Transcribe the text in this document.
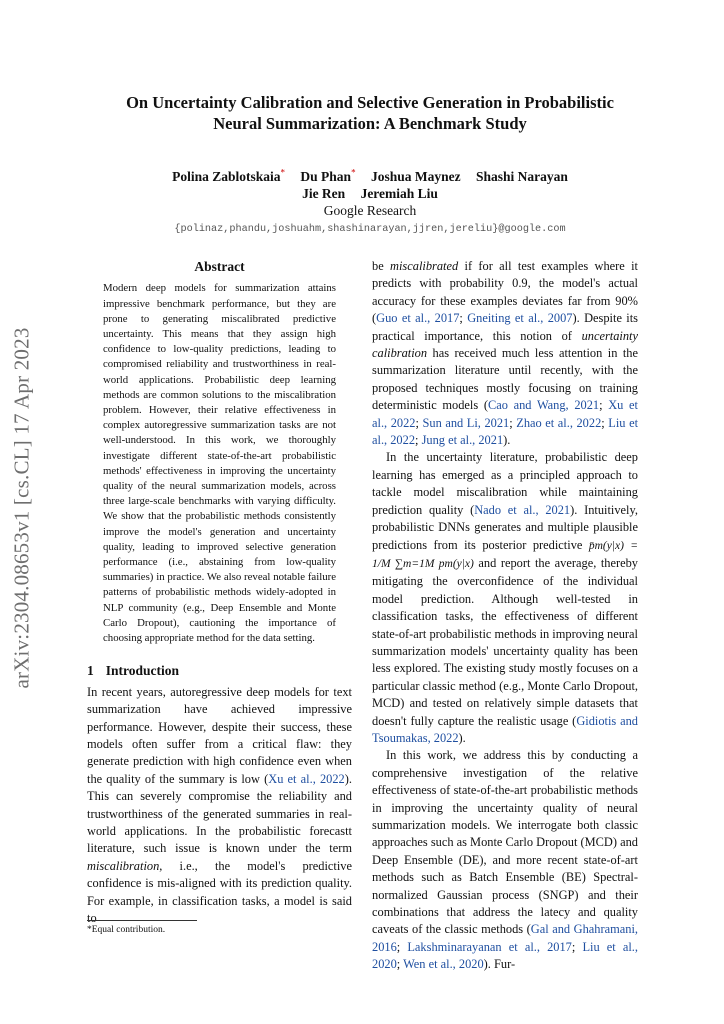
arXiv:2304.08653v1 [cs.CL] 17 Apr 2023
On Uncertainty Calibration and Selective Generation in Probabilistic
Neural Summarization: A Benchmark Study
Polina Zablotskaia* Du Phan* Joshua Maynez Shashi Narayan
Jie Ren Jeremiah Liu
Google Research
{polinaz,phandu,joshuahm,shashinarayan,jjren,jereliu}@google.com
Abstract
Modern deep models for summarization attains impressive benchmark performance, but they are prone to generating miscalibrated predictive uncertainty. This means that they assign high confidence to low-quality predictions, leading to compromised reliability and trustworthiness in real-world applications. Probabilistic deep learning methods are common solutions to the miscalibration problem. However, their relative effectiveness in complex autoregressive summarization tasks are not well-understood. In this work, we thoroughly investigate different state-of-the-art probabilistic methods' effectiveness in improving the uncertainty quality of the neural summarization models, across three large-scale benchmarks with varying difficulty. We show that the probabilistic methods consistently improve the model's generation and uncertainty quality, leading to improved selective generation performance (i.e., abstaining from low-quality summaries) in practice. We also reveal notable failure patterns of probabilistic methods widely-adopted in NLP community (e.g., Deep Ensemble and Monte Carlo Dropout), cautioning the importance of choosing appropriate method for the data setting.
1 Introduction

In recent years, autoregressive deep models for text summarization have achieved impressive performance. However, despite their success, these models often suffer from a critical flaw: they generate prediction with high confidence even when the quality of the summary is low (Xu et al., 2022). This can severely compromise the reliability and trustworthiness of the generated summaries in real-world applications. In the probabilistic forecastt literature, such issue is known under the term miscalibration, i.e., the model's predictive confidence is mis-aligned with its prediction quality. For example, in classification tasks, a model is said to

be miscalibrated if for all test examples where it predicts with probability 0.9, the model's actual accuracy for these examples deviates far from 90% (Guo et al., 2017; Gneiting et al., 2007). Despite its practical importance, this notion of uncertainty calibration has received much less attention in the summarization literature until recently, with the proposed techniques mostly focusing on training deterministic models (Cao and Wang, 2021; Xu et al., 2022; Sun and Li, 2021; Zhao et al., 2022; Liu et al., 2022; Jung et al., 2021).

In the uncertainty literature, probabilistic deep learning has emerged as a principled approach to tackle model miscalibration while maintaining prediction quality (Nado et al., 2021). Intuitively, probabilistic DNNs generates and multiple plausible predictions from its posterior predictive p̄m(y|x) = 1/M ∑m=1M pm(y|x) and report the average, thereby mitigating the overconfidence of the individual model prediction. Although well-tested in classification tasks, the effectiveness of different state-of-art probabilistic methods in improving neural summarization models' uncertainty quality has been less explored. The existing study mostly focuses on a particular classic method (e.g., Monte Carlo Dropout, MCD) and tested on relatively simple datasets that doesn't fully capture the realistic usage (Gidiotis and Tsoumakas, 2022).

In this work, we address this by conducting a comprehensive investigation of the relative effectiveness of state-of-the-art probabilistic methods in improving the uncertainty quality of neural summarization models. We interrogate both classic approaches such as Monte Carlo Dropout (MCD) and Deep Ensemble (DE), and more recent state-of-art methods such as Batch Ensemble (BE) Spectral-normalized Gaussian process (SNGP) and their combinations that address the latecy and quality caveats of the classic methods (Gal and Ghahramani, 2016; Lakshminarayanan et al., 2017; Liu et al., 2020; Wen et al., 2020). Fur-

*Equal contribution.
